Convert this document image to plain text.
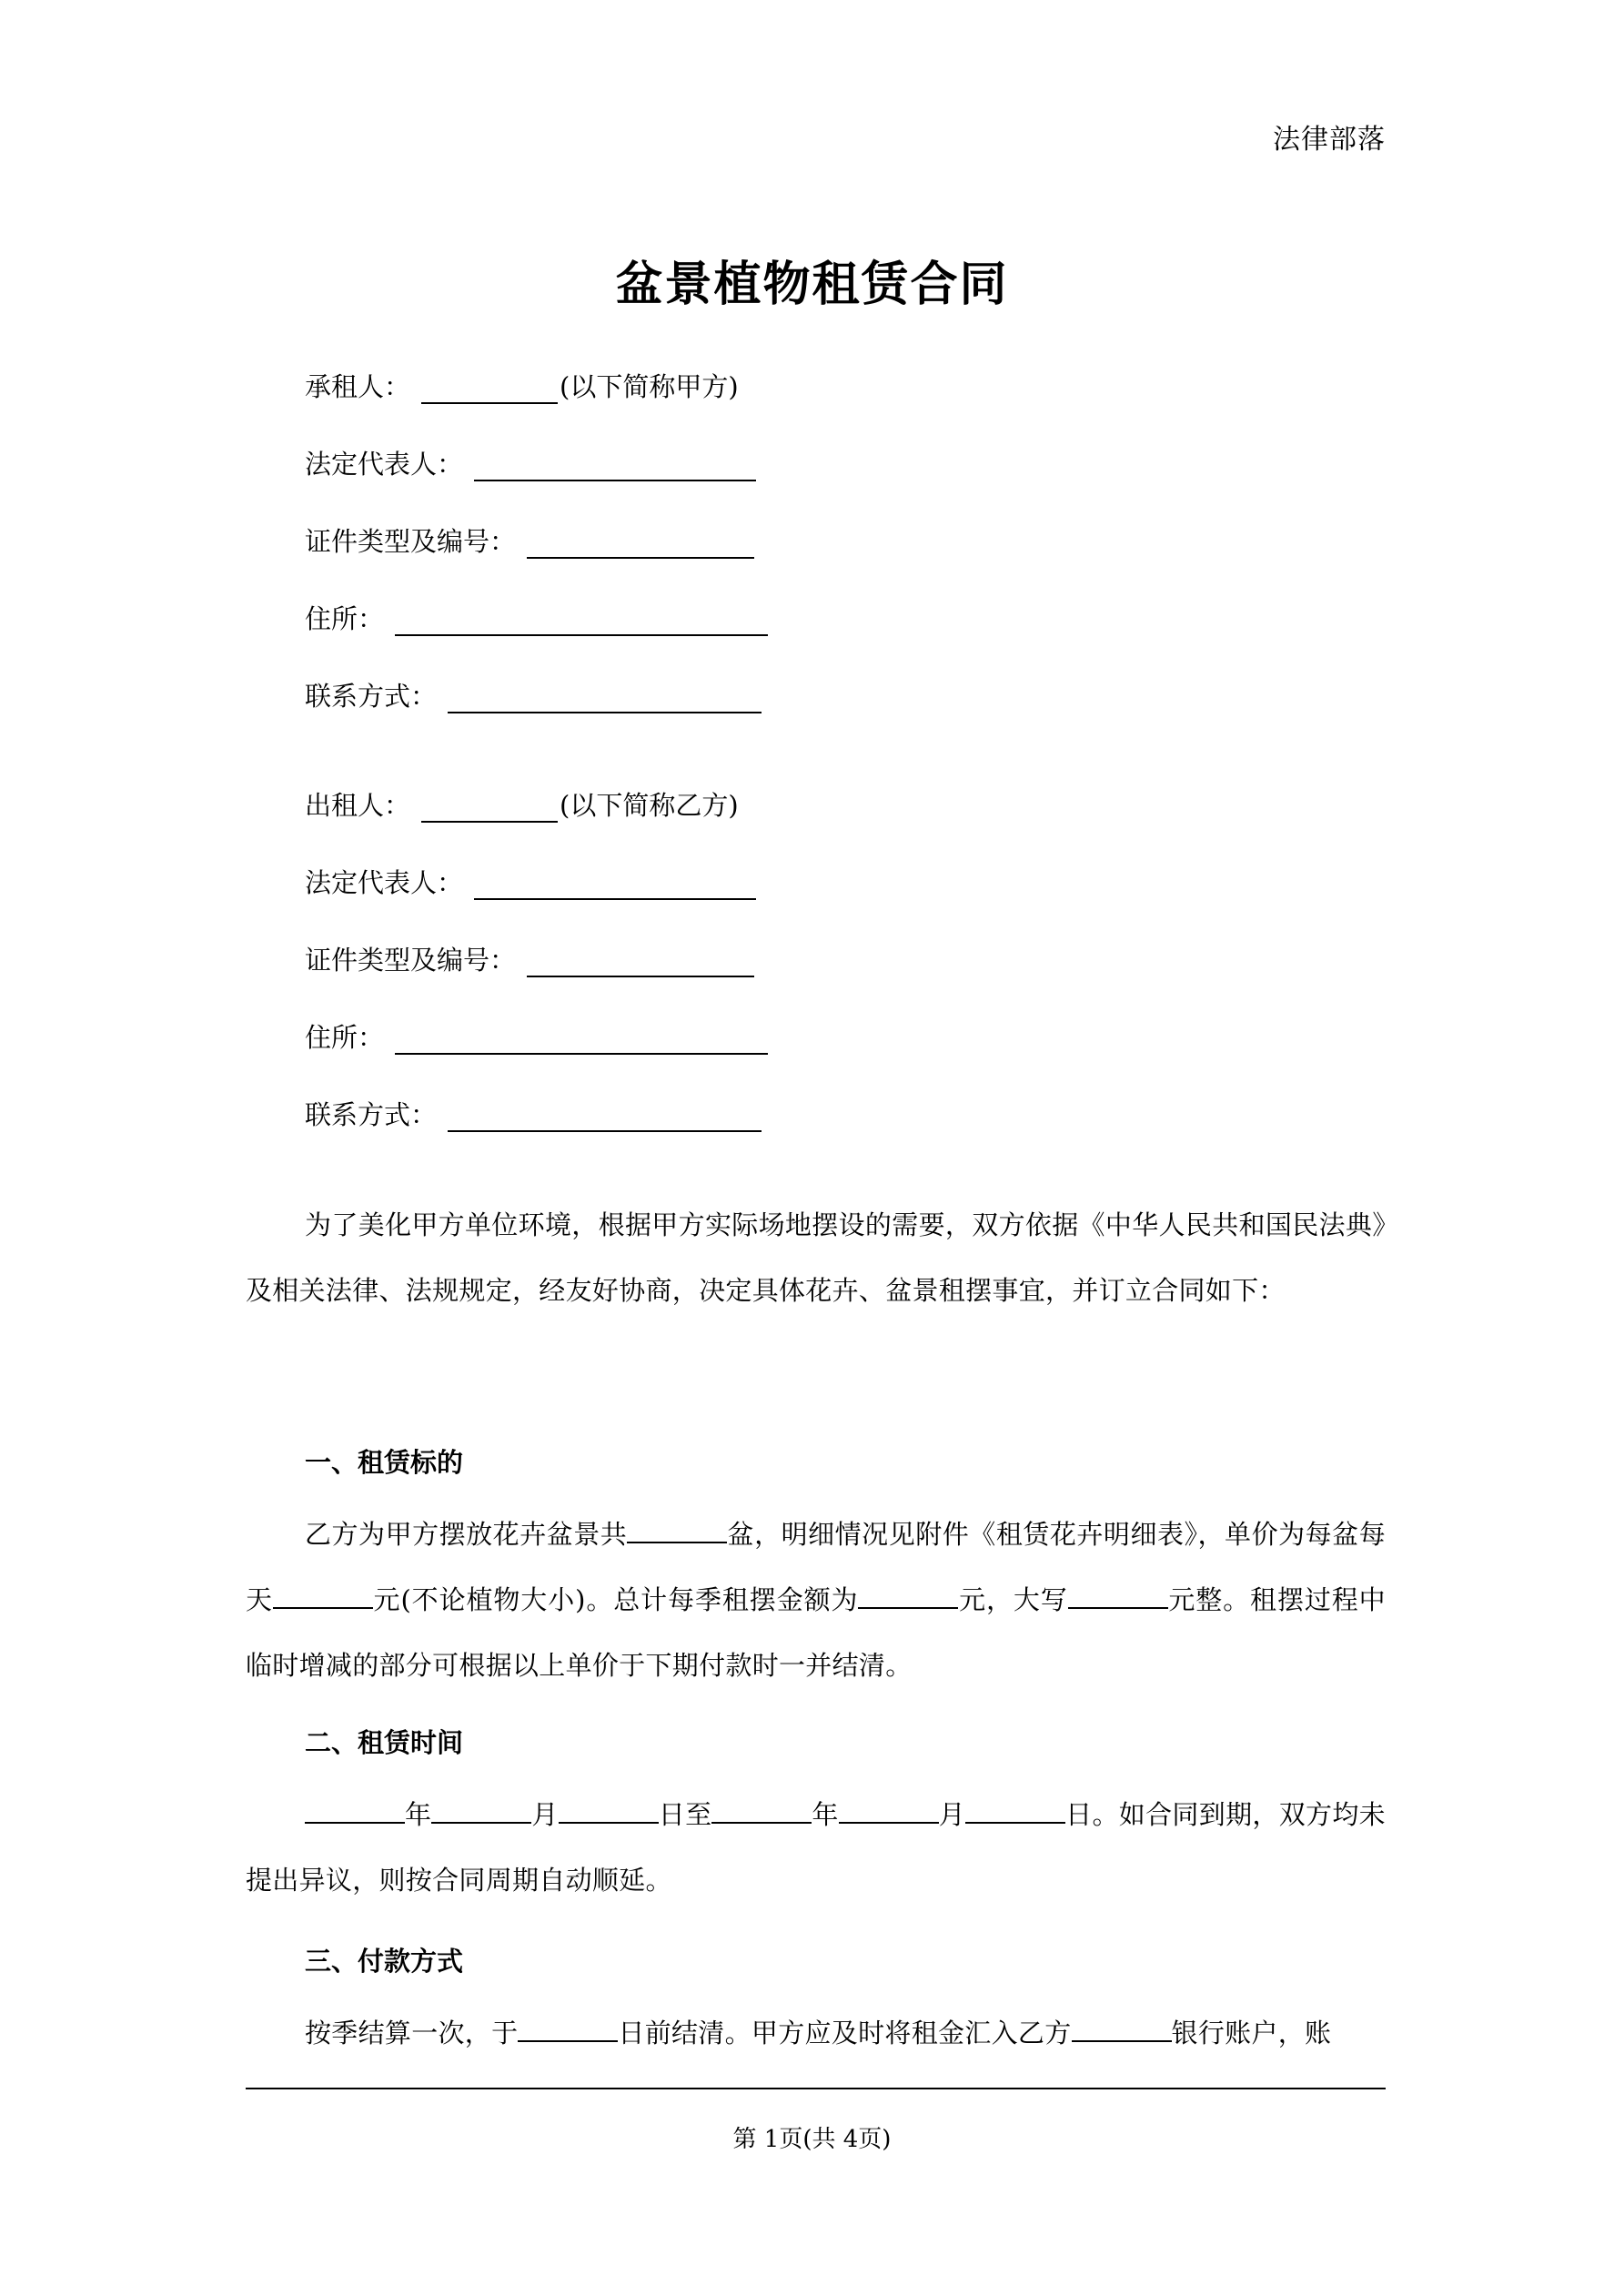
法律部落
盆景植物租赁合同
承租人：	(以下简称甲方)
法定代表人：
证件类型及编号：
住所：
联系方式：
出租人：	(以下简称乙方)
法定代表人：
证件类型及编号：
住所：
联系方式：
为了美化甲方单位环境，根据甲方实际场地摆设的需要，双方依据《中华人民共和国民法典》及相关法律、法规规定，经友好协商，决定具体花卉、盆景租摆事宜，并订立合同如下：
一、租赁标的
乙方为甲方摆放花卉盆景共	盆，明细情况见附件《租赁花卉明细表》，单价为每盆每天	元(不论植物大小)。总计每季租摆金额为	元，大写	元整。租摆过程中临时增减的部分可根据以上单价于下期付款时一并结清。
二、租赁时间
年	月	日至	年	月	日。如合同到期，双方均未提出异议，则按合同周期自动顺延。
三、付款方式
按季结算一次，于	日前结清。甲方应及时将租金汇入乙方	银行账户，账
第 1页(共 4页)
